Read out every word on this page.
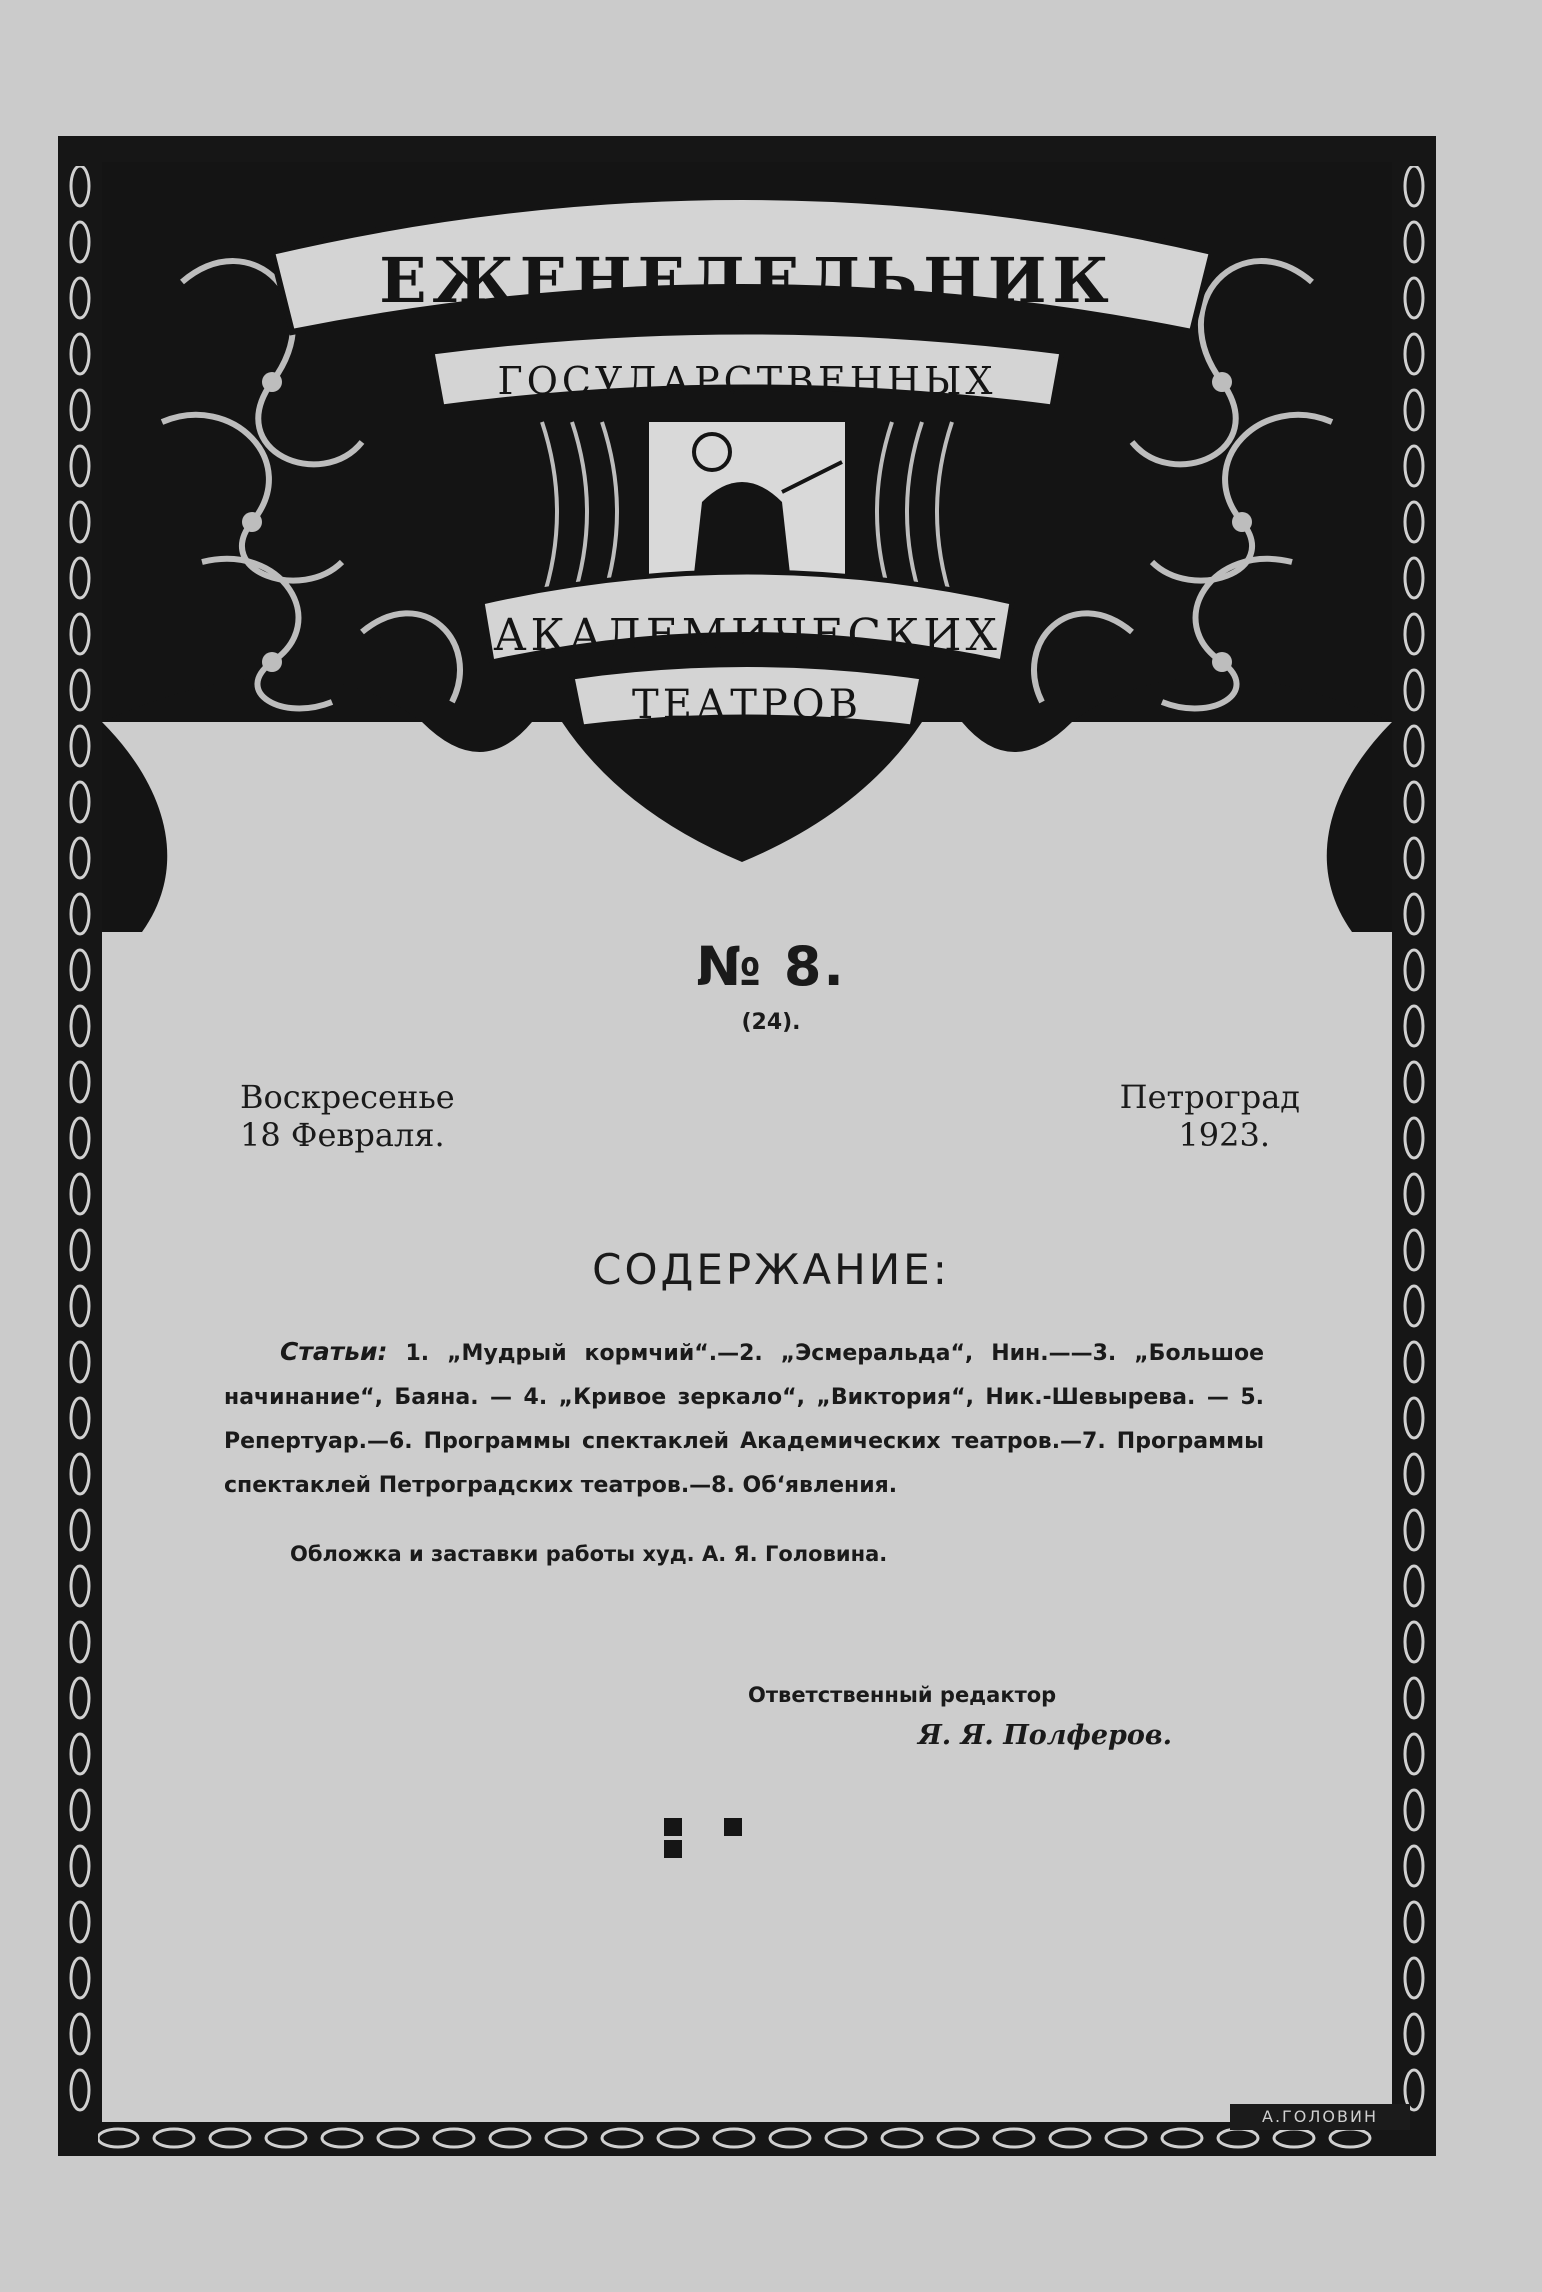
ЕЖЕНЕДЕЛЬНИК
ГОСУДАРСТВЕННЫХ
АКАДЕМИЧЕСКИХ
ТЕАТРОВ
№ 8.
(24).
Воскресенье
18 Февраля.
Петроград
1923.
СОДЕРЖАНИЕ:
Статьи: 1. „Мудрый кормчий“.—2. „Эсмеральда“, Нин.——3. „Большое начинание“, Баяна. — 4. „Кривое зеркало“, „Виктория“, Ник.-Шевырева. — 5. Репертуар.—6. Программы спектаклей Академических театров.—7. Программы спектаклей Петроградских театров.—8. Об‘явления.
Обложка и заставки работы худ. А. Я. Головина.
Ответственный редактор
Я. Я. Полферов.
А.ГОЛОВИН
